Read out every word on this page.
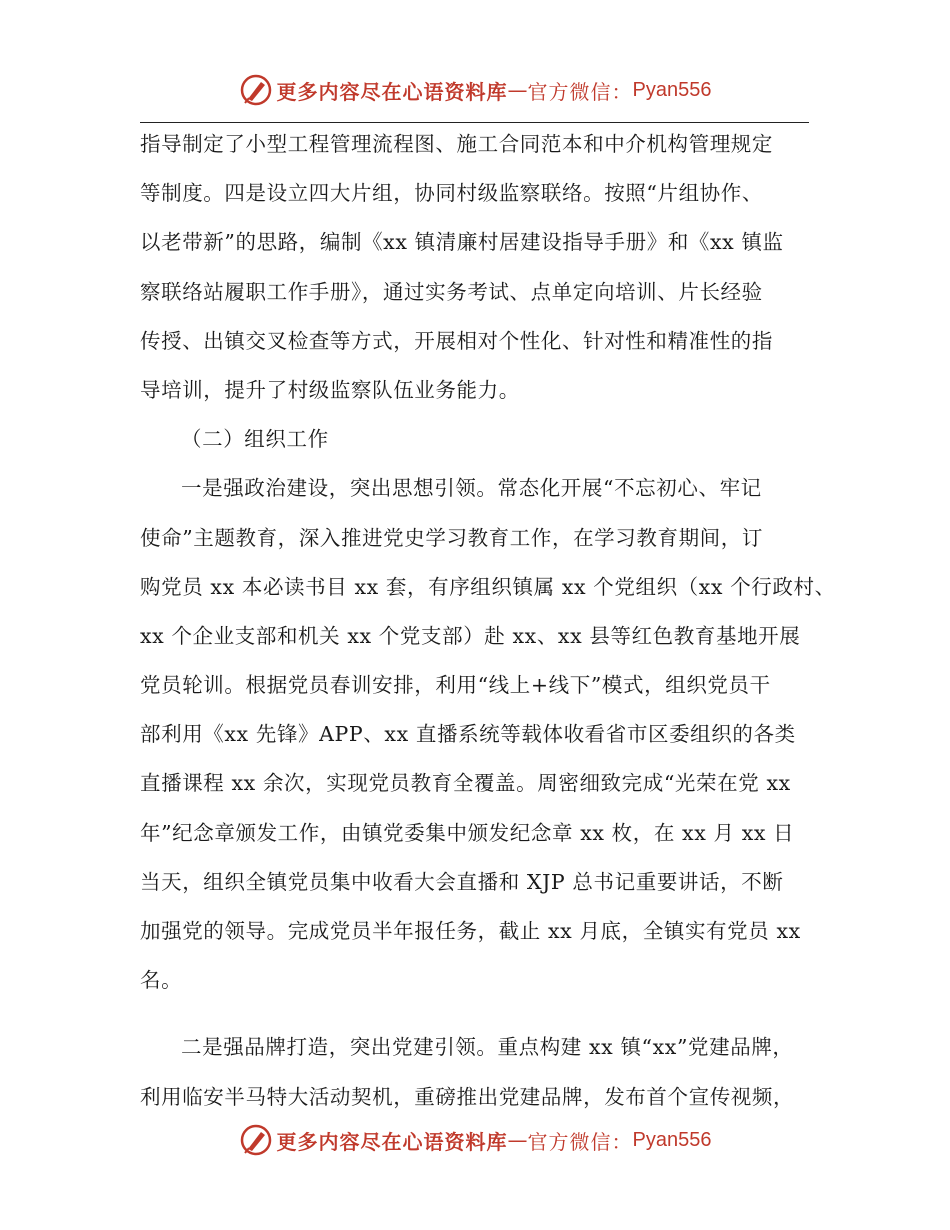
更多内容尽在心语资料库 — 官方微信： Pyan556
指导制定了小型工程管理流程图、施工合同范本和中介机构管理规定
等制度。四是设立四大片组，协同村级监察联络。按照“片组协作、
以老带新”的思路，编制《xx 镇清廉村居建设指导手册》和《xx 镇监
察联络站履职工作手册》，通过实务考试、点单定向培训、片长经验
传授、出镇交叉检查等方式，开展相对个性化、针对性和精准性的指
导培训，提升了村级监察队伍业务能力。
（二）组织工作
一是强政治建设，突出思想引领。常态化开展“不忘初心、牢记
使命”主题教育，深入推进党史学习教育工作，在学习教育期间，订
购党员 xx 本必读书目 xx 套，有序组织镇属 xx 个党组织（xx 个行政村、
xx 个企业支部和机关 xx 个党支部）赴 xx、xx 县等红色教育基地开展
党员轮训。根据党员春训安排，利用“线上+线下”模式，组织党员干
部利用《xx 先锋》APP、xx 直播系统等载体收看省市区委组织的各类
直播课程 xx 余次，实现党员教育全覆盖。周密细致完成“光荣在党 xx
年”纪念章颁发工作，由镇党委集中颁发纪念章 xx 枚，在 xx 月 xx 日
当天，组织全镇党员集中收看大会直播和 XJP 总书记重要讲话，不断
加强党的领导。完成党员半年报任务，截止 xx 月底，全镇实有党员 xx
名。
二是强品牌打造，突出党建引领。重点构建 xx 镇“xx”党建品牌，
利用临安半马特大活动契机，重磅推出党建品牌，发布首个宣传视频，
更多内容尽在心语资料库 — 官方微信： Pyan556
